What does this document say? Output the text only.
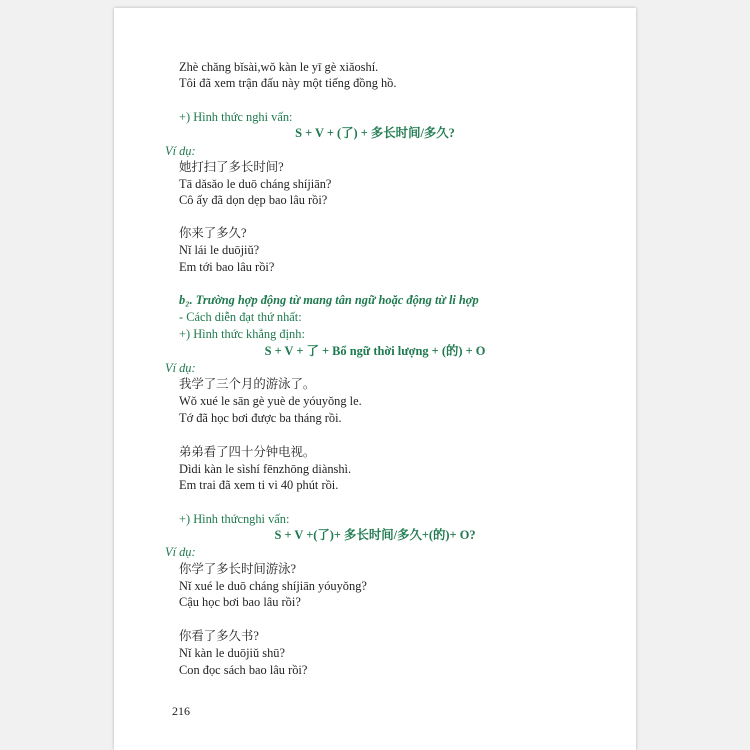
Zhè chǎng bǐsài,wǒ kàn le yī gè xiǎoshí.
Tôi đã xem trận đấu này một tiếng đồng hồ.
+) Hình thức nghi vấn:
S + V + (了) + 多长时间/多久?
Ví dụ:
她打扫了多长时间?
Tā dǎsǎo le duō cháng shíjiān?
Cô ấy đã dọn dẹp bao lâu rồi?
你来了多久?
Nǐ lái le duōjiǔ?
Em tới bao lâu rồi?
b₂. Trường hợp động từ mang tân ngữ hoặc động từ li hợp
- Cách diễn đạt thứ nhất:
+) Hình thức khẳng định:
S + V + 了 + Bổ ngữ thời lượng + (的) + O
Ví dụ:
我学了三个月的游泳了。
Wǒ xué le sān gè yuè de yóuyǒng le.
Tớ đã học bơi được ba tháng rồi.
弟弟看了四十分钟电视。
Dìdi kàn le sìshí fēnzhōng diànshì.
Em trai đã xem ti vi 40 phút rồi.
+) Hình thứcnghi vấn:
S + V +(了)+ 多长时间/多久+(的)+ O?
Ví dụ:
你学了多长时间游泳?
Nǐ xué le duō cháng shíjiān yóuyǒng?
Cậu học bơi bao lâu rồi?
你看了多久书?
Nǐ kàn le duōjiǔ shū?
Con đọc sách bao lâu rồi?
216
